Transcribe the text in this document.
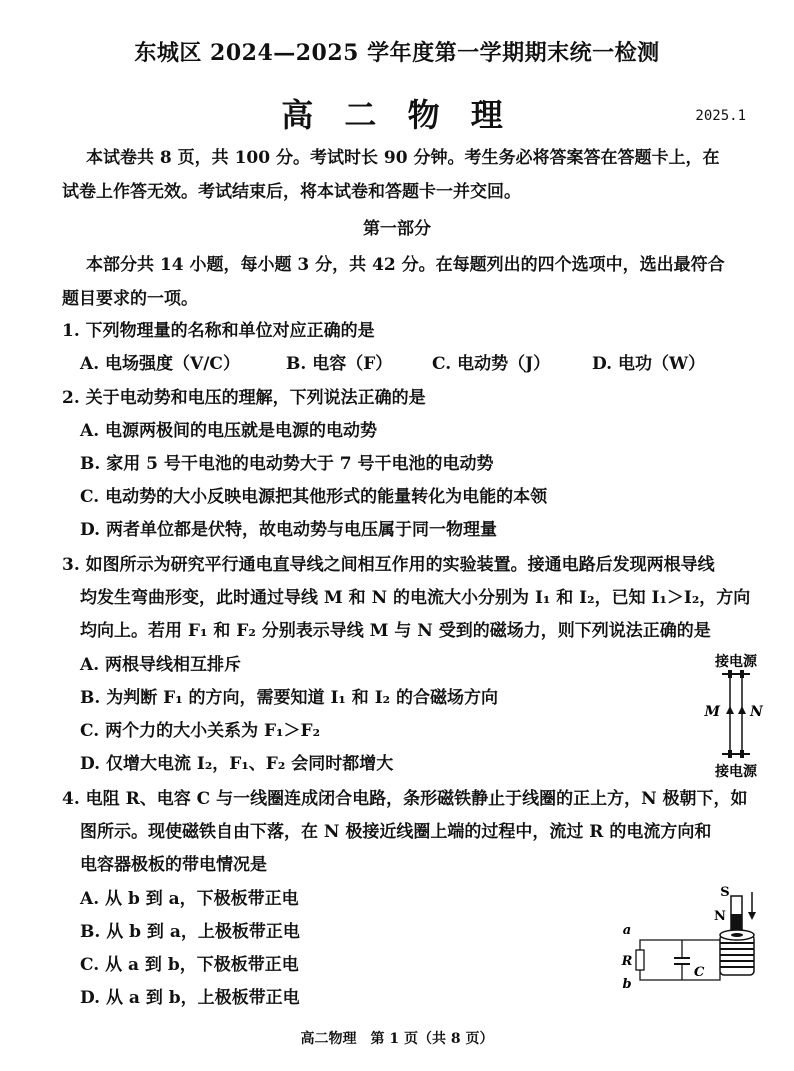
东城区 2024—2025 学年度第一学期期末统一检测
高 二 物 理	2025.1
本试卷共 8 页，共 100 分。考试时长 90 分钟。考生务必将答案答在答题卡上，在
试卷上作答无效。考试结束后，将本试卷和答题卡一并交回。
第一部分
本部分共 14 小题，每小题 3 分，共 42 分。在每题列出的四个选项中，选出最符合
题目要求的一项。
1. 下列物理量的名称和单位对应正确的是
A. 电场强度（V/C）	B. 电容（F） C. 电动势（J） D. 电功（W）
2. 关于电动势和电压的理解，下列说法正确的是
A. 电源两极间的电压就是电源的电动势
B. 家用 5 号干电池的电动势大于 7 号干电池的电动势
C. 电动势的大小反映电源把其他形式的能量转化为电能的本领
D. 两者单位都是伏特，故电动势与电压属于同一物理量
3. 如图所示为研究平行通电直导线之间相互作用的实验装置。接通电路后发现两根导线
均发生弯曲形变，此时通过导线 M 和 N 的电流大小分别为 I₁ 和 I₂，已知 I₁＞I₂，方向
均向上。若用 F₁ 和 F₂ 分别表示导线 M 与 N 受到的磁场力，则下列说法正确的是
A. 两根导线相互排斥
B. 为判断 F₁ 的方向，需要知道 I₁ 和 I₂ 的合磁场方向
C. 两个力的大小关系为 F₁＞F₂
D. 仅增大电流 I₂，F₁、F₂ 会同时都增大
接电源
M N
接电源
4. 电阻 R、电容 C 与一线圈连成闭合电路，条形磁铁静止于线圈的正上方，N 极朝下，如
图所示。现使磁铁自由下落，在 N 极接近线圈上端的过程中，流过 R 的电流方向和
电容器极板的带电情况是
A. 从 b 到 a，下极板带正电
B. 从 b 到 a，上极板带正电
C. 从 a 到 b，下极板带正电
D. 从 a 到 b，上极板带正电
S
N
a
R
b
C
高二物理　第 1 页（共 8 页）
